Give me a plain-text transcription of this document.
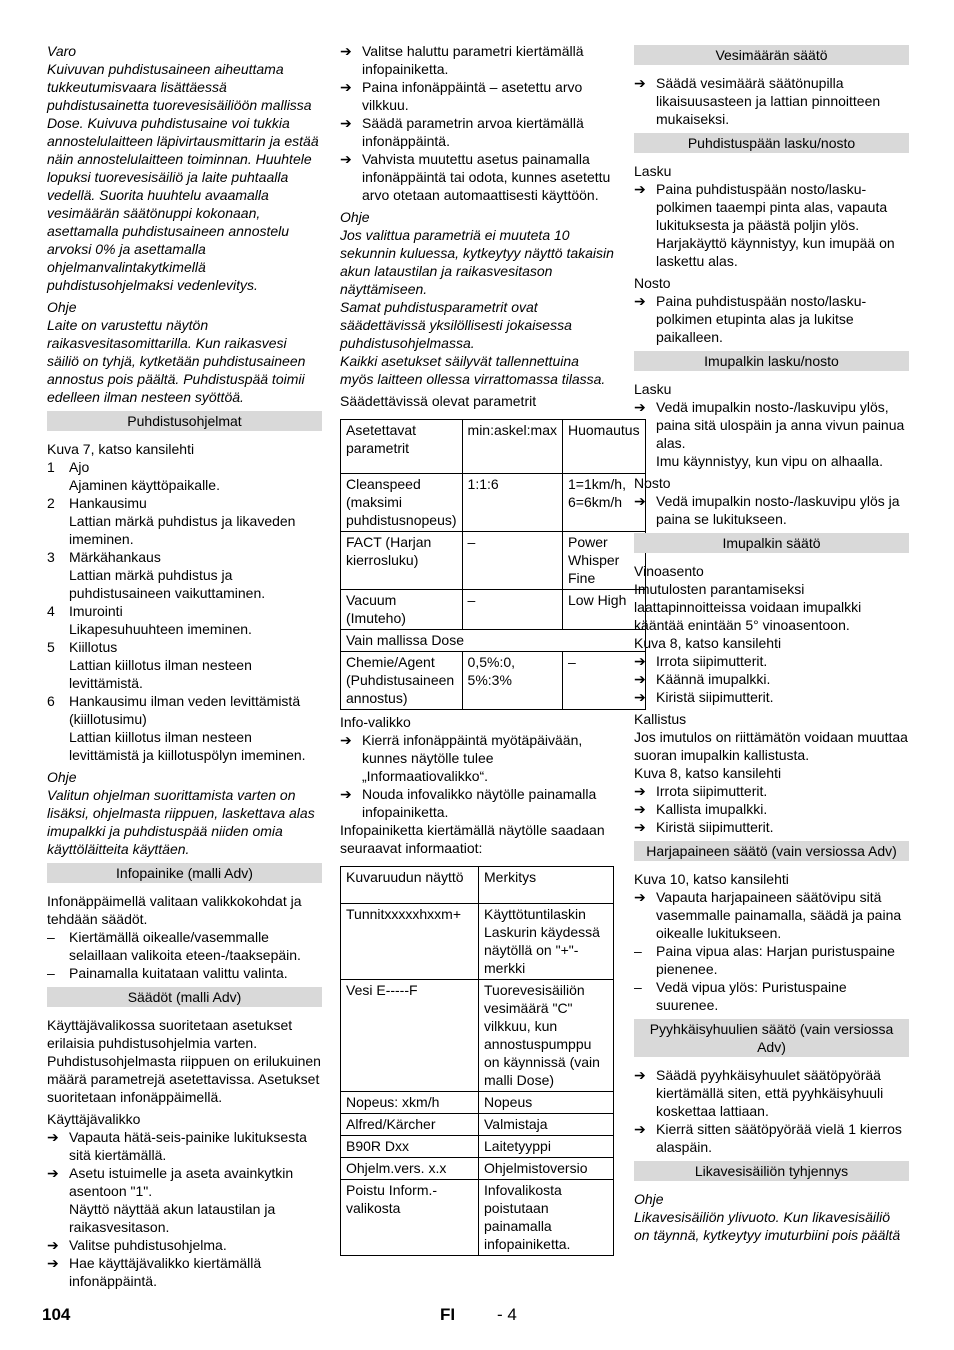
Varo

Kuivuvan puhdistusaineen aiheuttama tukkeutumisvaara lisättäessä puhdistusainetta tuorevesisäiliöön mallissa Dose. Kuivuva puhdistusaine voi tukkia annostelulaitteen läpivirtausmittarin ja estää näin annostelulaitteen toiminnan. Huuhtele lopuksi tuorevesisäiliö ja laite puhtaalla vedellä. Suorita huuhtelu avaamalla vesimäärän säätönuppi kokonaan, asettamalla puhdistusaineen annostelu arvoksi 0% ja asettamalla ohjelmanvalintakytkimellä puhdistusohjelmaksi vedenlevitys.

Ohje

Laite on varustettu näytön raikasvesitasomittarilla. Kun raikasvesi säiliö on tyhjä, kytketään puhdistusaineen annostus pois päältä. Puhdistuspää toimii edelleen ilman nesteen syöttöä.

Puhdistusohjelmat

Kuva 7, katso kansilehti

1	Ajo

Ajaminen käyttöpaikalle.

2	Hankausimu

Lattian märkä puhdistus ja likaveden imeminen.

3	Märkähankaus

Lattian märkä puhdistus ja puhdistusaineen vaikuttaminen.

4	Imurointi

Likapesuhuuhteen imeminen.

5	Kiillotus

Lattian kiillotus ilman nesteen levittämistä.

6	Hankausimu ilman veden levittämistä (kiillotusimu)

Lattian kiillotus ilman nesteen levittämistä ja kiillotuspölyn imeminen.

Ohje

Valitun ohjelman suorittamista varten on lisäksi, ohjelmasta riippuen, laskettava alas imupalkki ja puhdistuspää niiden omia käyttöläitteita käyttäen.

Infopainike (malli Adv)

Infonäppäimellä valitaan valikkokohdat ja tehdään säädöt.

–	Kiertämällä oikealle/vasemmalle selaillaan valikoita eteen-/taaksepäin.
–	Painamalla kuitataan valittu valinta.
Säädöt (malli Adv)

Käyttäjävalikossa suoritetaan asetukset erilaisia puhdistusohjelmia varten. Puhdistusohjelmasta riippuen on erilukuinen määrä parametrejä asetettavissa. Asetukset suoritetaan infonäppäimellä.

Käyttäjävalikko

➔ Vapauta hätä-seis-painike lukituksesta sitä kiertämällä.
➔ Asetu istuimelle ja aseta avainkytkin asentoon "1".

Näyttö näyttää akun lataustilan ja raikasvesitason.

➔ Valitse puhdistusohjelma.
➔ Hae käyttäjävalikko kiertämällä infonäppäintä.
➔ Valitse haluttu parametri kiertämällä infopainiketta.
➔ Paina infonäppäintä – asetettu arvo vilkkuu.
➔ Säädä parametrin arvoa kiertämällä infonäppäintä.
➔ Vahvista muutettu asetus painamalla infonäppäintä tai odota, kunnes asetettu arvo otetaan automaattisesti käyttöön.

Ohje

Jos valittua parametriä ei muuteta 10 sekunnin kuluessa, kytkeytyy näyttö takaisin akun lataustilan ja raikasvesitason näyttämiseen.

Samat puhdistusparametrit ovat säädettävissä yksilöllisesti jokaisessa puhdistusohjelmassa.

Kaikki asetukset säilyvät tallennettuina myös laitteen ollessa virrattomassa tilassa.

Säädettävissä olevat parametrit

Asetettavat parametrit	min:askel:max	Huomautus
Cleanspeed (maksimi puhdistusnopeus)	1:1:6	1=1km/h, 6=6km/h
FACT (Harjan kierrosluku)	–	Power Whisper Fine
Vacuum (Imuteho)	–	Low High
Vain mallissa Dose		
Chemie/Agent (Puhdistusaineen annostus)	0,5%:0, 5%:3%	–

Info-valikko

➔ Kierrä infonäppäintä myötäpäivään, kunnes näytölle tulee „Informaatiovalikko“.
➔ Nouda infovalikko näytölle painamalla infopainiketta.

Infopainiketta kiertämällä näytölle saadaan seuraavat informaatiot:

Kuvaruudun näyttö	Merkitys
Tunnitxxxxxhxxm+	Käyttötuntilaskin Laskurin käydessä näytöllä on "+"-merkki
Vesi E-----F	Tuorevesisäiliön vesimäärä "C" vilkkuu, kun annostuspumppu on käynnissä (vain malli Dose)
Nopeus: xkm/h	Nopeus
Alfred/Kärcher	Valmistaja
B90R Dxx	Laitetyyppi
Ohjelm.vers. x.x	Ohjelmistoversio
Poistu Inform.- valikosta	Infovalikosta poistutaan painamalla infopainiketta.
Vesimäärän säätö
➔ Säädä vesimäärä säätönupilla likaisuusasteen ja lattian pinnoitteen mukaiseksi.
Puhdistuspään lasku/nosto

Lasku

➔ Paina puhdistuspään nosto/lasku-polkimen taaempi pinta alas, vapauta lukituksesta ja päästä poljin ylös.

Harjakäyttö käynnistyy, kun imupää on laskettu alas.

Nosto

➔ Paina puhdistuspään nosto/lasku-polkimen etupinta alas ja lukitse paikalleen.
Imupalkin lasku/nosto

Lasku

➔ Vedä imupalkin nosto-/laskuvipu ylös, paina sitä ulospäin ja anna vivun painua alas.

Imu käynnistyy, kun vipu on alhaalla.

Nosto

➔ Vedä imupalkin nosto-/laskuvipu ylös ja paina se lukitukseen.
Imupalkin säätö

Vinoasento

Imutulosten parantamiseksi laattapinnoitteissa voidaan imupalkki kääntää enintään 5° vinoasentoon.

Kuva 8, katso kansilehti

➔ Irrota siipimutterit.
➔ Käännä imupalkki.
➔ Kiristä siipimutterit.

Kallistus

Jos imutulos on riittämätön voidaan muuttaa suoran imupalkin kallistusta.

Kuva 8, katso kansilehti

➔ Irrota siipimutterit.
➔ Kallista imupalkki.
➔ Kiristä siipimutterit.
Harjapaineen säätö (vain versiossa Adv)

Kuva 10, katso kansilehti

➔ Vapauta harjapaineen säätövipu sitä vasemmalle painamalla, säädä ja paina oikealle lukitukseen.
–	Paina vipua alas: Harjan puristuspaine pienenee.
–	Vedä vipua ylös: Puristuspaine suurenee.
Pyyhkäisyhuulien säätö (vain versiossa Adv)
➔ Säädä pyyhkäisyhuulet säätöpyörää kiertämällä siten, että pyyhkäisyhuuli koskettaa lattiaan.
➔ Kierrä sitten säätöpyörää vielä 1 kierros alaspäin.
Likavesisäiliön tyhjennys

Ohje

Likavesisäiliön ylivuoto. Kun likavesisäiliö on täynnä, kytkeytyy imuturbiini pois päältä

104	FI - 4
